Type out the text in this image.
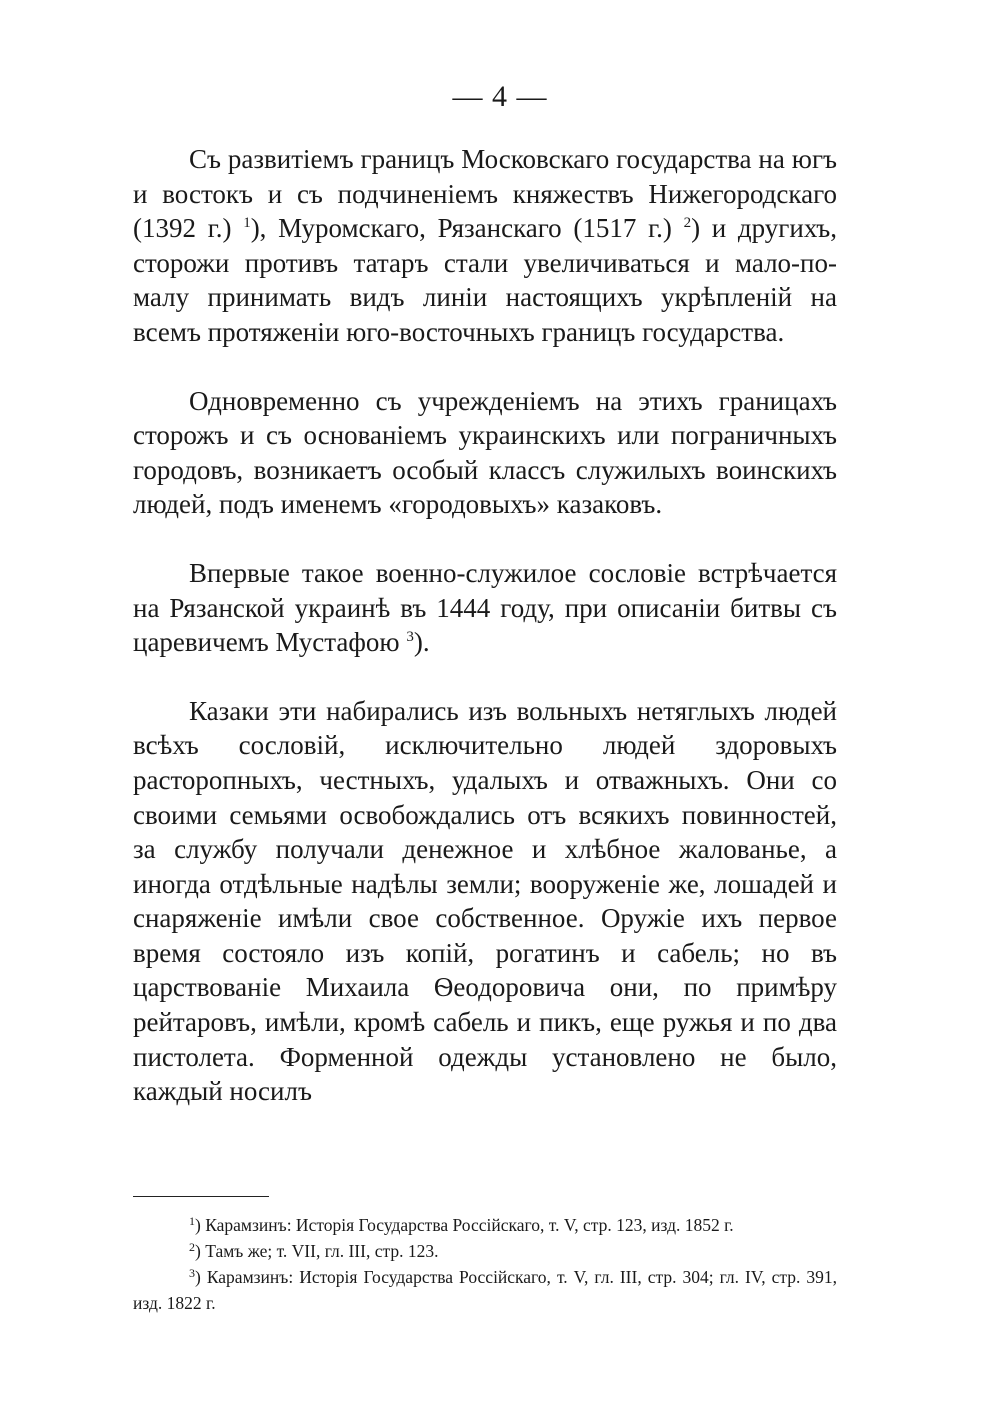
— 4 —

Съ развитіемъ границъ Московскаго государства на югъ и востокъ и съ подчиненіемъ княжествъ Нижегородскаго (1392 г.) $^1$), Муромскаго, Рязанскаго (1517 г.) $^2$) и другихъ, сторожи противъ татаръ стали увеличиваться и мало-по-малу принимать видъ линіи настоящихъ укрѣпленій на всемъ протяженіи юго-восточныхъ границъ государства.

Одновременно съ учрежденіемъ на этихъ границахъ сторожъ и съ основаніемъ украинскихъ или пограничныхъ городовъ, возникаетъ особый классъ служилыхъ воинскихъ людей, подъ именемъ «городовыхъ» казаковъ.

Впервые такое военно-служилое сословіе встрѣчается на Рязанской украинѣ въ 1444 году, при описаніи битвы съ царевичемъ Мустафою $^3$).

Казаки эти набирались изъ вольныхъ нетяглыхъ людей всѣхъ сословій, исключительно людей здоровыхъ расторопныхъ, честныхъ, удалыхъ и отважныхъ. Они со своими семьями освобождались отъ всякихъ повинностей, за службу получали денежное и хлѣбное жалованье, а иногда отдѣльные надѣлы земли; вооруженіе же, лошадей и снаряженіе имѣли свое собственное. Оружіе ихъ первое время состояло изъ копій, рогатинъ и сабель; но въ царствованіе Михаила Ѳеодоровича они, по примѣру рейтаровъ, имѣли, кромѣ сабель и пикъ, еще ружья и по два пистолета. Форменной одежды установлено не было, каждый носилъ

$^1$) Карамзинъ: Исторія Государства Россійскаго, т. V, стр. 123, изд. 1852 г.

$^2$) Тамъ же; т. VII, гл. III, стр. 123.

$^3$) Карамзинъ: Исторія Государства Россійскаго, т. V, гл. III, стр. 304; гл. IV, стр. 391, изд. 1822 г.
